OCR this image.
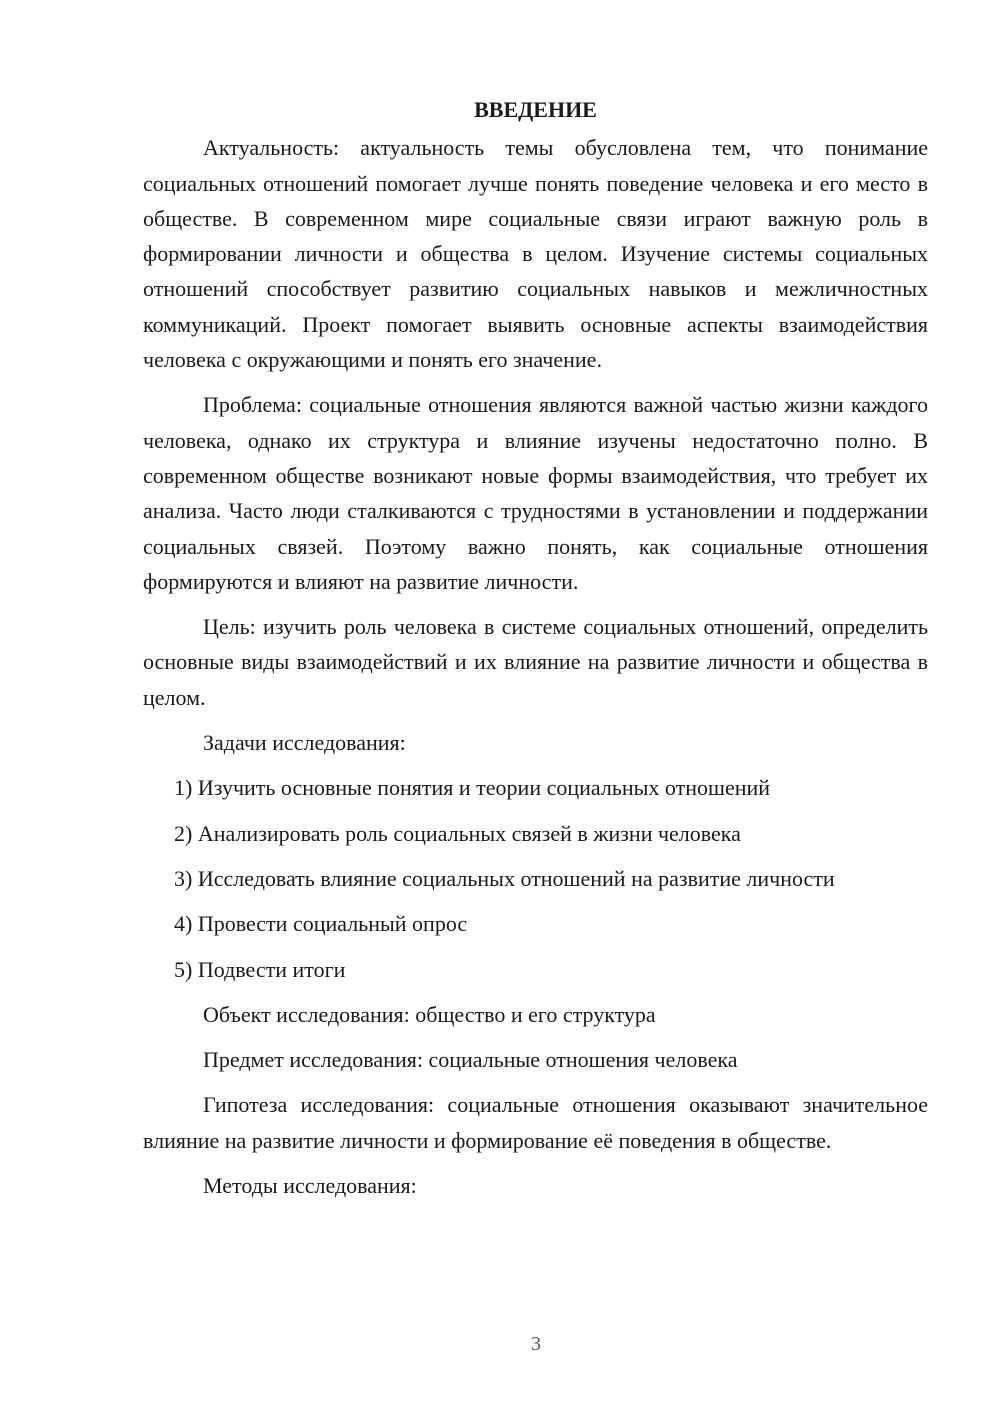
ВВЕДЕНИЕ

Актуальность: актуальность темы обусловлена тем, что понимание социальных отношений помогает лучше понять поведение человека и его место в обществе. В современном мире социальные связи играют важную роль в формировании личности и общества в целом. Изучение системы социальных отношений способствует развитию социальных навыков и межличностных коммуникаций. Проект помогает выявить основные аспекты взаимодействия человека с окружающими и понять его значение.

Проблема: социальные отношения являются важной частью жизни каждого человека, однако их структура и влияние изучены недостаточно полно. В современном обществе возникают новые формы взаимодействия, что требует их анализа. Часто люди сталкиваются с трудностями в установлении и поддержании социальных связей. Поэтому важно понять, как социальные отношения формируются и влияют на развитие личности.

Цель: изучить роль человека в системе социальных отношений, определить основные виды взаимодействий и их влияние на развитие личности и общества в целом.

Задачи исследования:
1) Изучить основные понятия и теории социальных отношений
2) Анализировать роль социальных связей в жизни человека
3) Исследовать влияние социальных отношений на развитие личности
4) Провести социальный опрос
5) Подвести итоги
Объект исследования: общество и его структура
Предмет исследования: социальные отношения человека

Гипотеза исследования: социальные отношения оказывают значительное влияние на развитие личности и формирование её поведения в обществе.

Методы исследования:
3
